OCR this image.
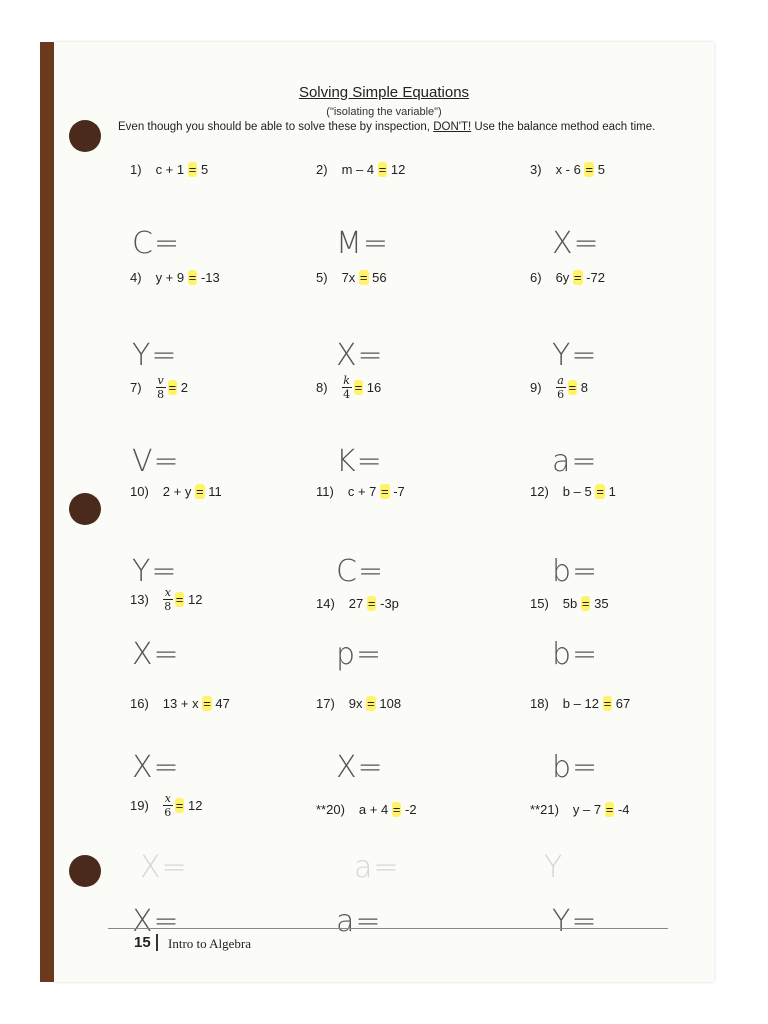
Solving Simple Equations
("isolating the variable")
Even though you should be able to solve these by inspection, DON'T! Use the balance method each time.
1) c + 1
=
5
C=
2) m – 4
=
12
M=
3) x - 6
=
5
X=
4) y + 9
=
-13
Y=
5) 7x
=
56
X=
6) 6y
=
-72
Y=
$7) \frac{v}{8}$ =
2
V=
$8) \frac{k}{4}$ =
16
K=
$9) \frac{a}{6}$ =
8
a=
10) 2 + y
=
11
Y=
11) c + 7
=
-7
C=
12) b – 5
=
1
b=
$13) \frac{x}{8}$ =
12
X=
14) 27
=
-3p
p=
15) 5b
=
35
b=
16) 13 + x
=
47
X=
17) 9x
=
108
X=
18) b – 12
=
67
b=
$19) \frac{x}{6}$ =
12
X=
**20) a + 4
=
-2
a=
**21) y – 7
=
-4
Y=
X=	a=	Y
15	Intro to Algebra
